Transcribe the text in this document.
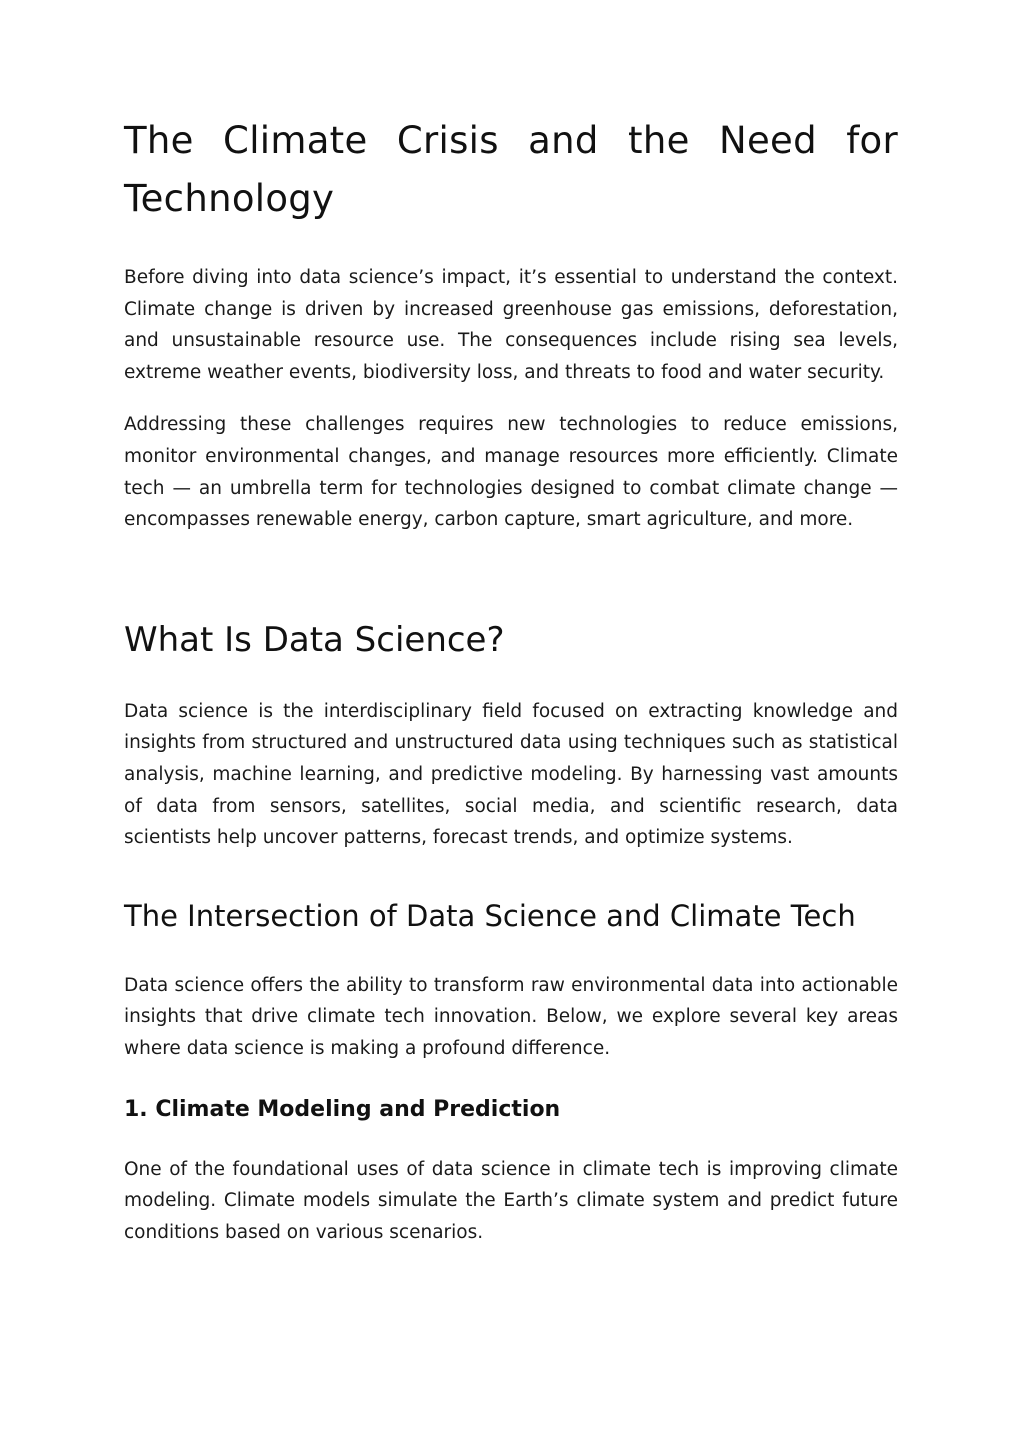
The Climate Crisis and the Need for Technology

Before diving into data science’s impact, it’s essential to understand the context. Climate change is driven by increased greenhouse gas emissions, deforestation, and unsustainable resource use. The consequences include rising sea levels, extreme weather events, biodiversity loss, and threats to food and water security.

Addressing these challenges requires new technologies to reduce emissions, monitor environmental changes, and manage resources more efficiently. Climate tech — an umbrella term for technologies designed to combat climate change — encompasses renewable energy, carbon capture, smart agriculture, and more.

What Is Data Science?

Data science is the interdisciplinary field focused on extracting knowledge and insights from structured and unstructured data using techniques such as statistical analysis, machine learning, and predictive modeling. By harnessing vast amounts of data from sensors, satellites, social media, and scientific research, data scientists help uncover patterns, forecast trends, and optimize systems.

The Intersection of Data Science and Climate Tech

Data science offers the ability to transform raw environmental data into actionable insights that drive climate tech innovation. Below, we explore several key areas where data science is making a profound difference.

1. Climate Modeling and Prediction

One of the foundational uses of data science in climate tech is improving climate modeling. Climate models simulate the Earth’s climate system and predict future conditions based on various scenarios.
